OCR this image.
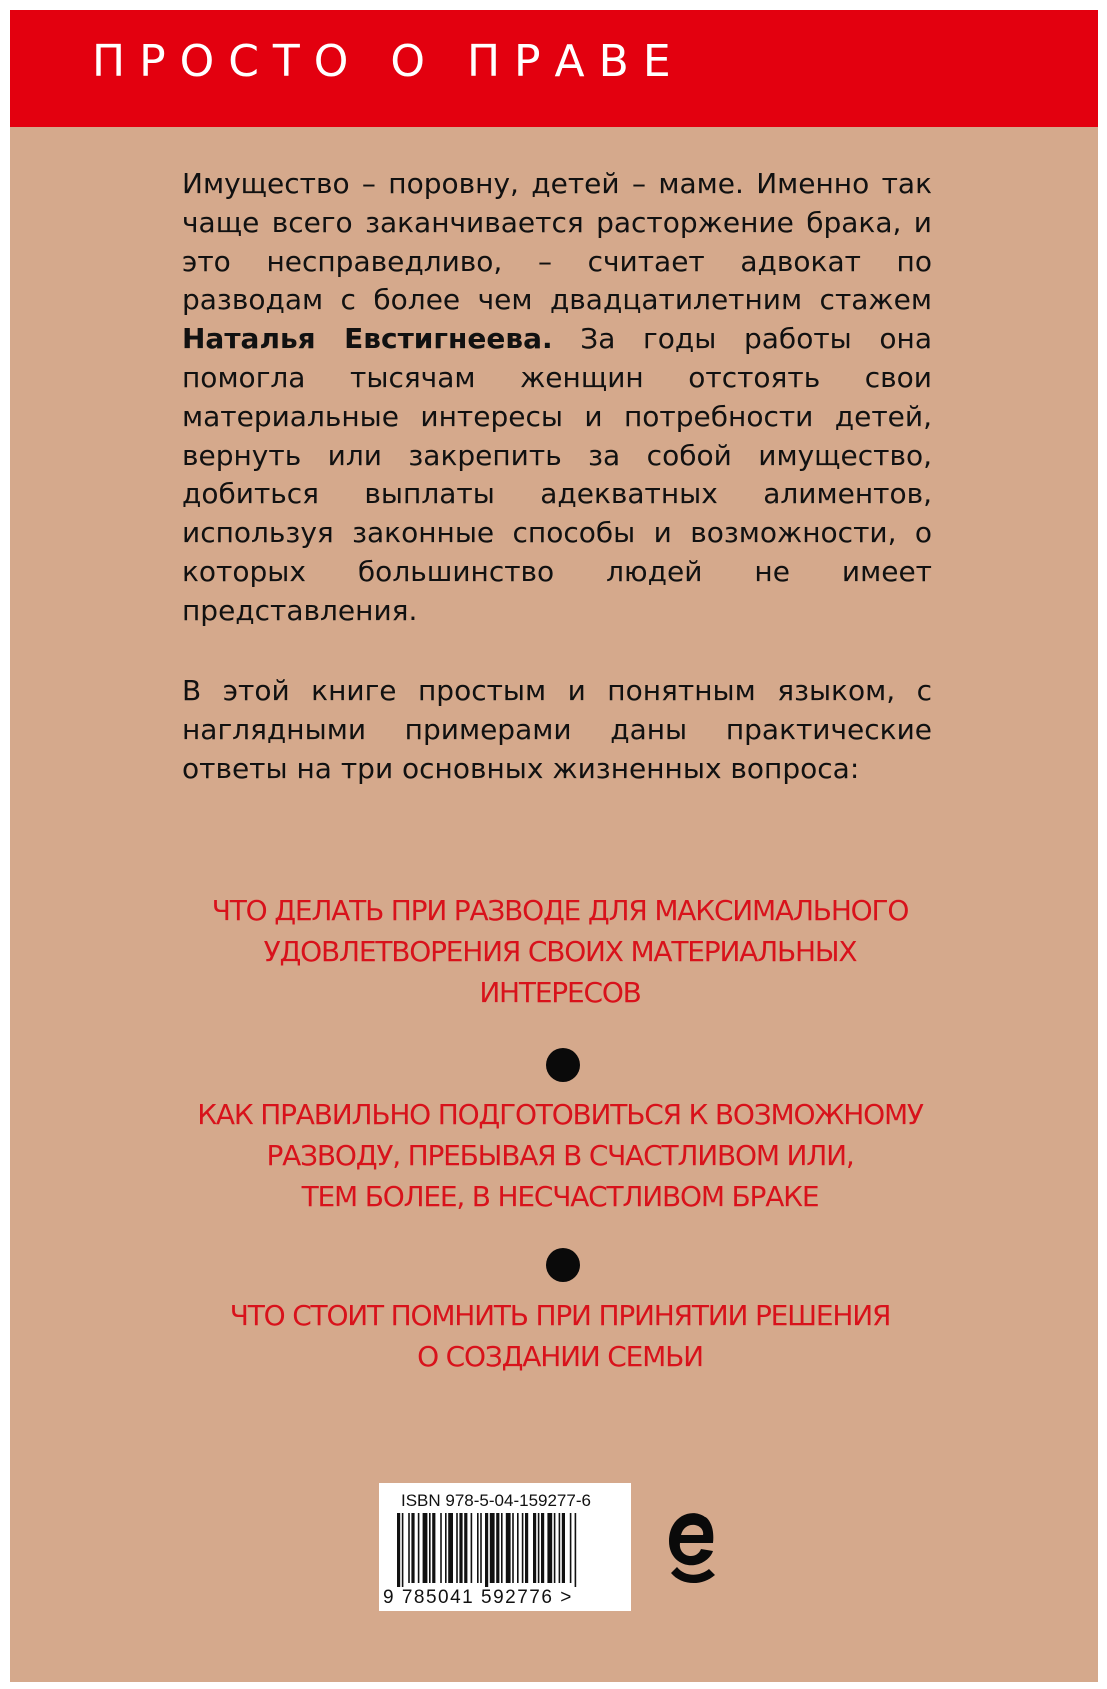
П Р О С Т О   О   П Р А В Е

Имущество – поровну, детей – маме. Именно так чаще всего заканчивается расторжение брака, и это несправедливо, – считает адвокат по разводам с более чем двадцатилетним стажем Наталья Евстигнеева. За годы работы она помогла тысячам женщин отстоять свои материальные интересы и потребности детей, вернуть или закрепить за собой имущество, добиться выплаты адекватных алиментов, используя законные способы и возможности, о которых большинство людей не имеет представления.

В этой книге простым и понятным языком, с наглядными примерами даны практические ответы на три основных жизненных вопроса:

ЧТО ДЕЛАТЬ ПРИ РАЗВОДЕ ДЛЯ МАКСИМАЛЬНОГО
УДОВЛЕТВОРЕНИЯ СВОИХ МАТЕРИАЛЬНЫХ
ИНТЕРЕСОВ
КАК ПРАВИЛЬНО ПОДГОТОВИТЬСЯ К ВОЗМОЖНОМУ
РАЗВОДУ, ПРЕБЫВАЯ В СЧАСТЛИВОМ ИЛИ,
ТЕМ БОЛЕЕ, В НЕСЧАСТЛИВОМ БРАКЕ
ЧТО СТОИТ ПОМНИТЬ ПРИ ПРИНЯТИИ РЕШЕНИЯ
О СОЗДАНИИ СЕМЬИ
ISBN 978-5-04-159277-6
9 785041 592776 >
